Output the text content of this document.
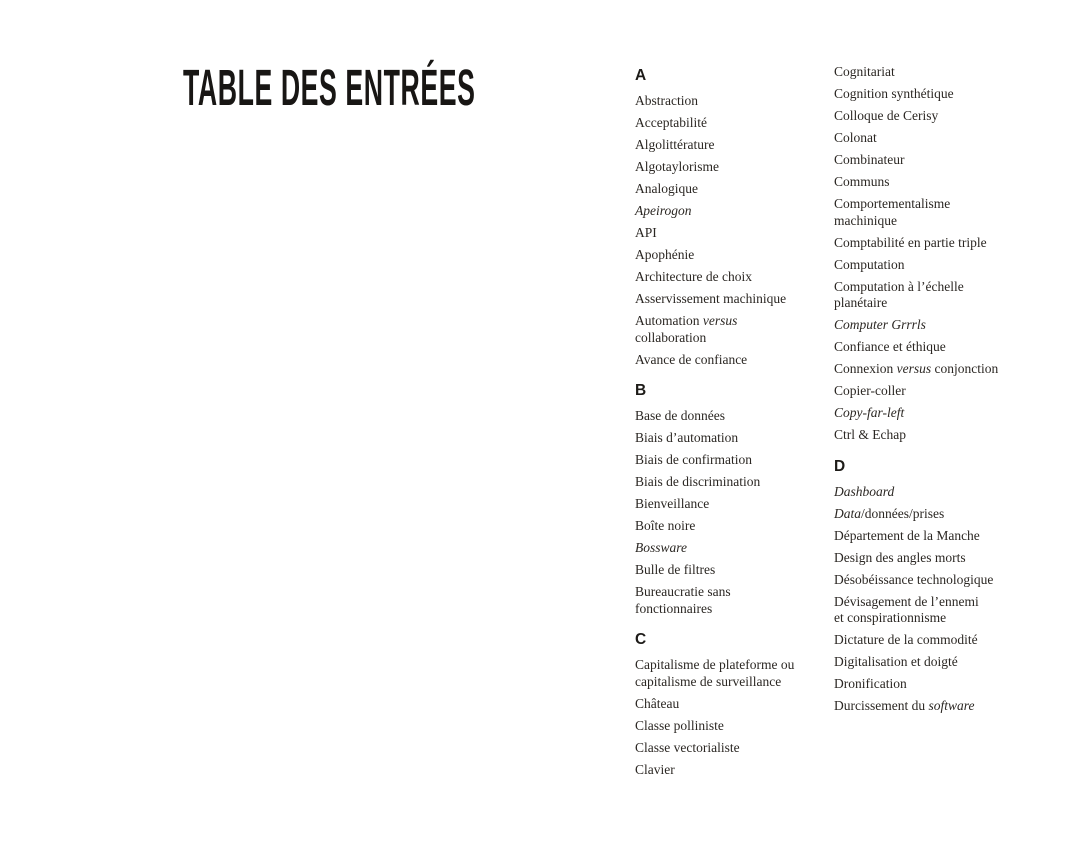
TABLE DES ENTRÉES	A
Abstraction
Acceptabilité
Algolittérature
Algotaylorisme
Analogique
Apeirogon
API
Apophénie
Architecture de choix
Asservissement machinique
Automation versus
collaboration
Avance de confiance
B
Base de données
Biais d’automation
Biais de confirmation
Biais de discrimination
Bienveillance
Boîte noire
Bossware
Bulle de filtres
Bureaucratie sans
fonctionnaires
C
Capitalisme de plateforme ou
capitalisme de surveillance
Château
Classe polliniste
Classe vectorialiste
Clavier
Cognitariat
Cognition synthétique
Colloque de Cerisy
Colonat
Combinateur
Communs
Comportementalisme
machinique
Comptabilité en partie triple
Computation
Computation à l’échelle
planétaire
Computer Grrrls
Confiance et éthique
Connexion versus conjonction
Copier-coller
Copy-far-left
Ctrl & Echap
D
Dashboard
Data/données/prises
Département de la Manche
Design des angles morts
Désobéissance technologique
Dévisagement de l’ennemi
et conspirationnisme
Dictature de la commodité
Digitalisation et doigté
Dronification
Durcissement du software
